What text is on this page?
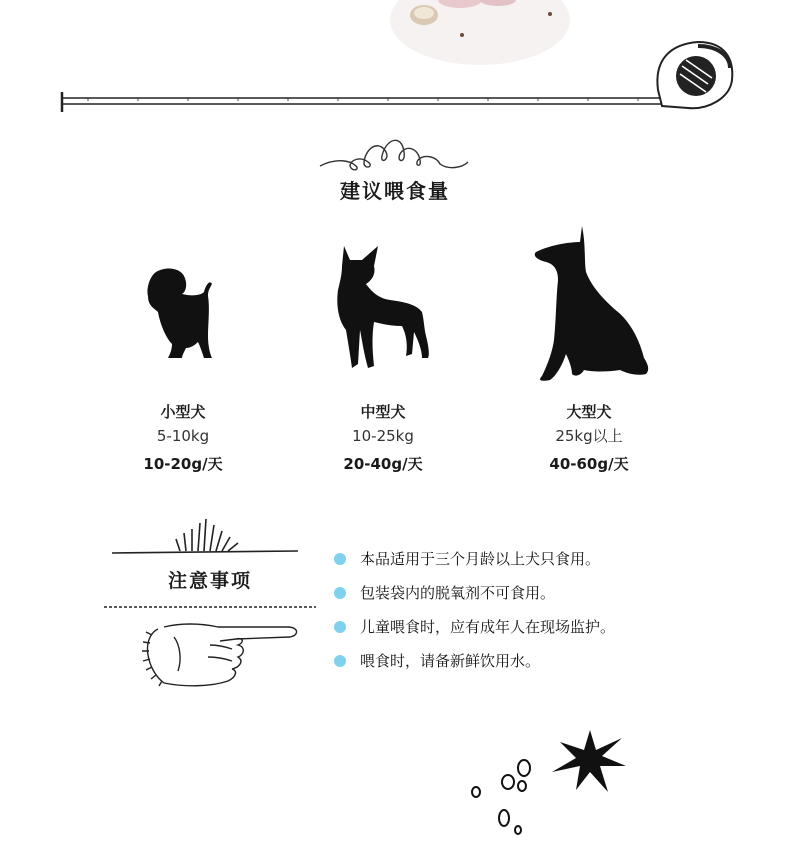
建议喂食量
小型犬
5-10kg
10-20g/天
中型犬
10-25kg
20-40g/天
大型犬
25kg以上
40-60g/天
注意事项
本品适用于三个月龄以上犬只食用。
包装袋内的脱氧剂不可食用。
儿童喂食时，应有成年人在现场监护。
喂食时，请备新鲜饮用水。
